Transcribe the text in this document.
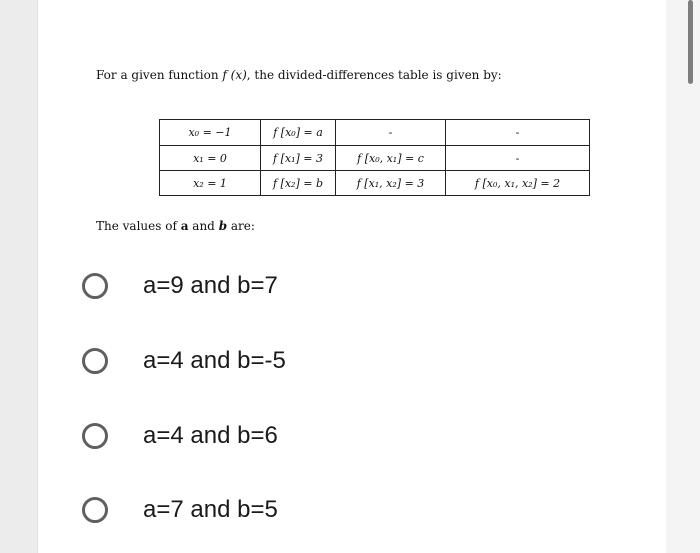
For a given function f (x), the divided-differences table is given by:
x₀ = −1	f [x₀] = a	-	-
x₁ = 0	f [x₁] = 3	f [x₀, x₁] = c	-
x₂ = 1	f [x₂] = b	f [x₁, x₂] = 3	f [x₀, x₁, x₂] = 2
The values of a and b are:
a=9 and b=7
a=4 and b=-5
a=4 and b=6
a=7 and b=5
